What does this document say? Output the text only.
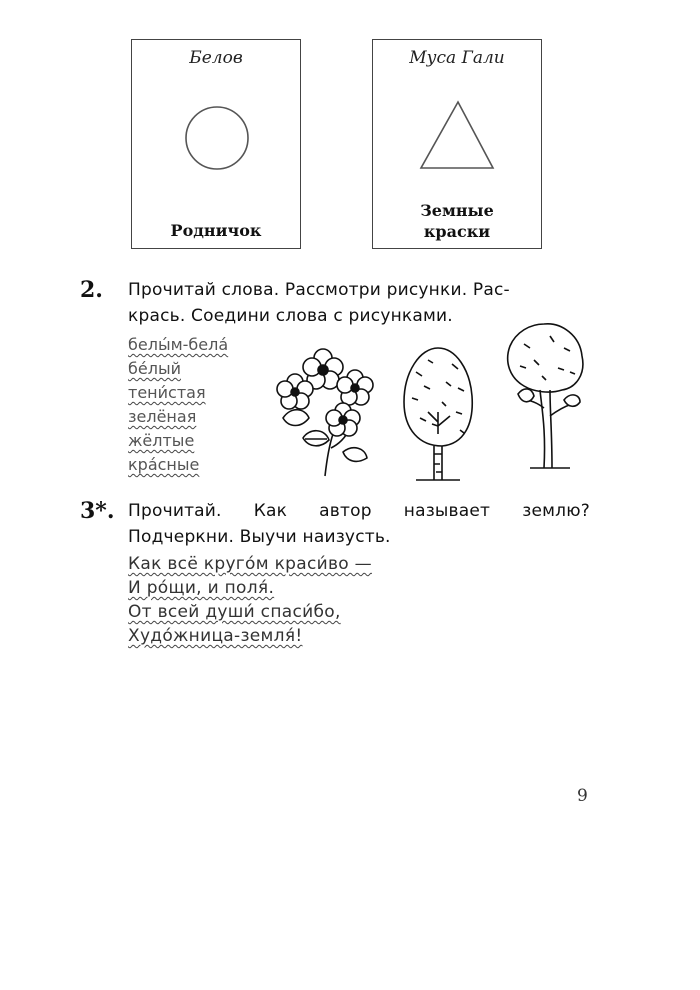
Белов
Родничок
Муса Гали
Земные
краски
2. Прочитай слова. Рассмотри рисунки. Рас-
крась. Соедини слова с рисунками.
белы́м-бела́
бе́лый
тени́стая
зелёная
жёлтые
кра́сные
3*. Прочитай. Как автор называет землю?
Подчеркни. Выучи наизусть.
Как всё круго́м краси́во —
И ро́щи, и поля́.
От всей души́ спаси́бо,
Худо́жница-земля́!
9
